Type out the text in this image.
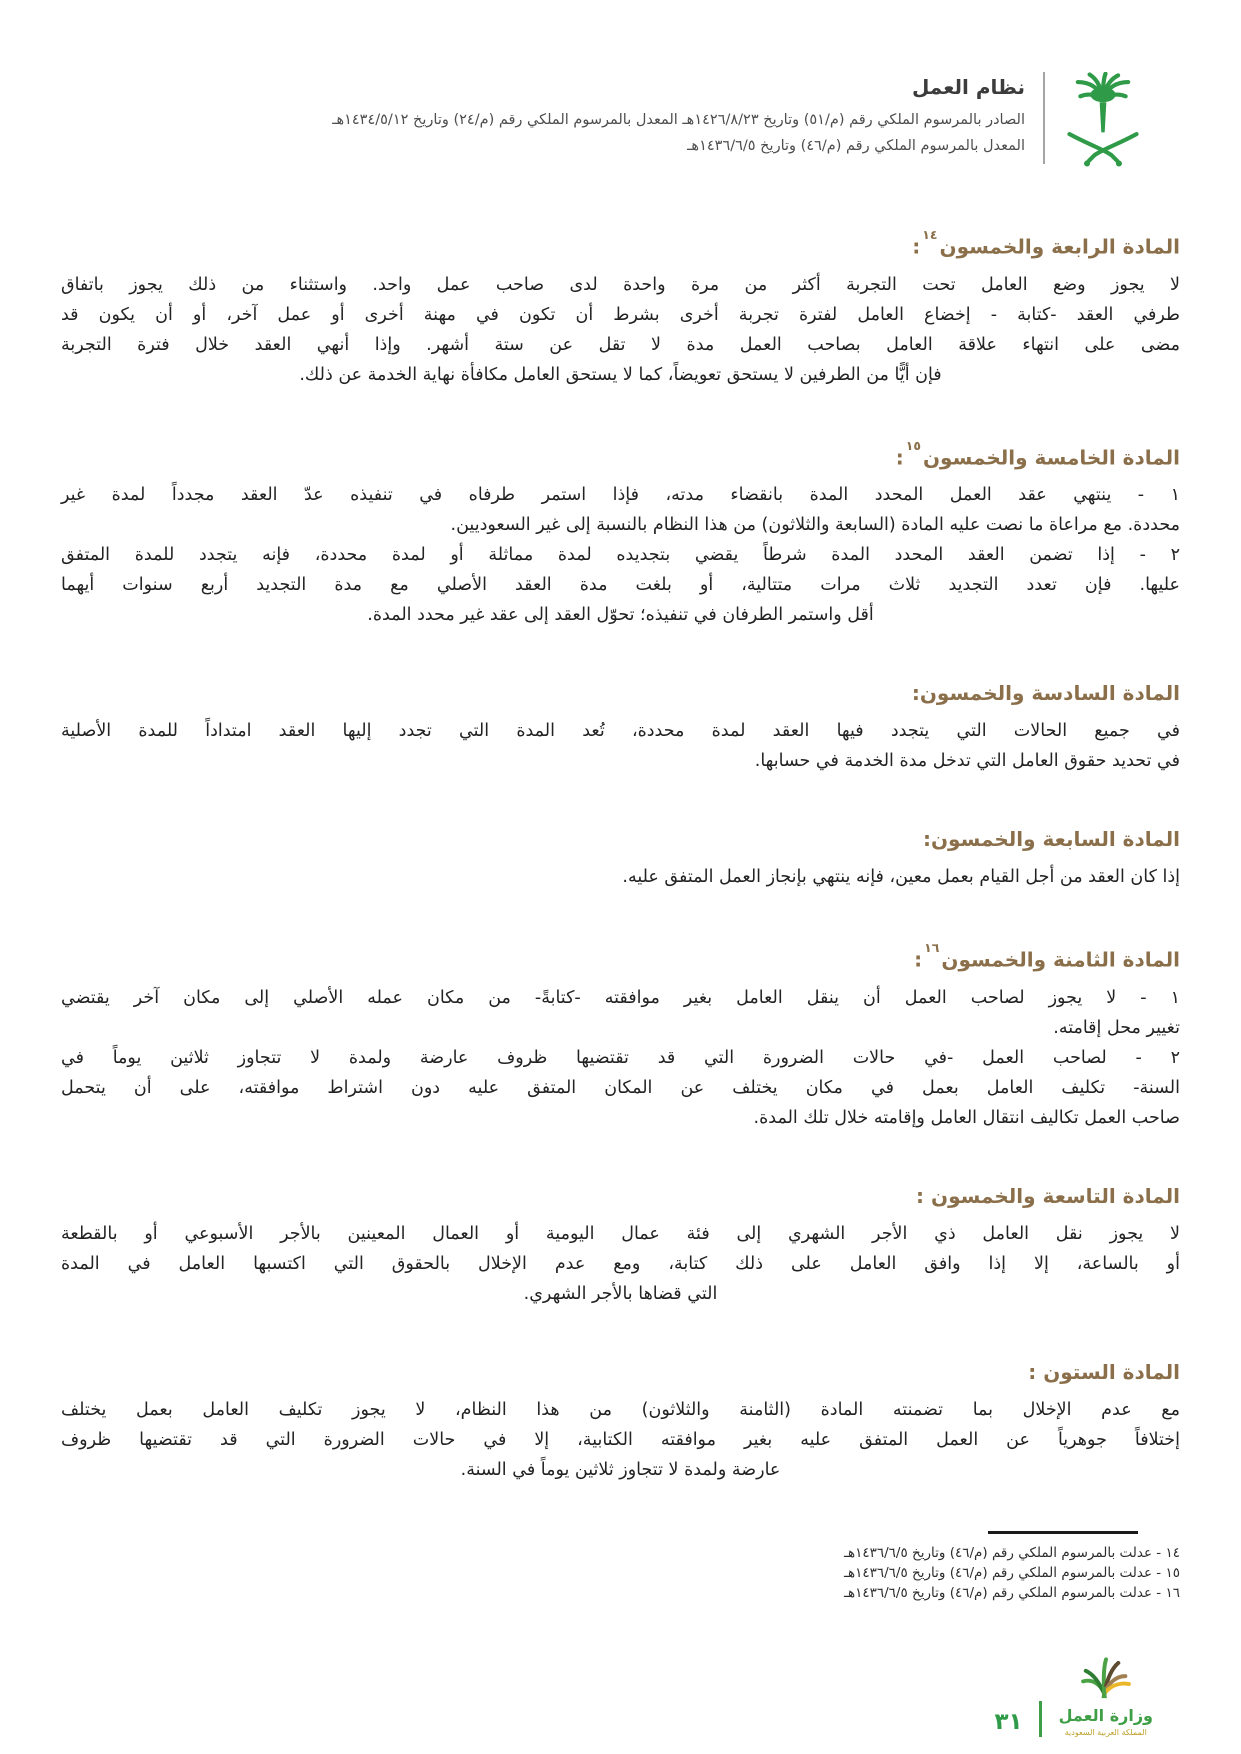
نظام العمل
الصادر بالمرسوم الملكي رقم (م/٥١) وتاريخ ١٤٢٦/٨/٢٣هـ المعدل بالمرسوم الملكي رقم (م/٢٤) وتاريخ ١٤٣٤/٥/١٢هـ
المعدل بالمرسوم الملكي رقم (م/٤٦) وتاريخ ١٤٣٦/٦/٥هـ
المادة الرابعة والخمسون$^{١٤}$:
لا يجوز وضع العامل تحت التجربة أكثر من مرة واحدة لدى صاحب عمل واحد. واستثناء من ذلك يجوز باتفاق
طرفي العقد -كتابة - إخضاع العامل لفترة تجربة أخرى بشرط أن تكون في مهنة أخرى أو عمل آخر، أو أن يكون قد
مضى على انتهاء علاقة العامل بصاحب العمل مدة لا تقل عن ستة أشهر. وإذا أنهي العقد خلال فترة التجربة
فإن أيًّا من الطرفين لا يستحق تعويضاً، كما لا يستحق العامل مكافأة نهاية الخدمة عن ذلك.
المادة الخامسة والخمسون$^{١٥}$:
١ - ينتهي عقد العمل المحدد المدة بانقضاء مدته، فإذا استمر طرفاه في تنفيذه عدّ العقد مجدداً لمدة غير
محددة. مع مراعاة ما نصت عليه المادة (السابعة والثلاثون) من هذا النظام بالنسبة إلى غير السعوديين.
٢ - إذا تضمن العقد المحدد المدة شرطاً يقضي بتجديده لمدة مماثلة أو لمدة محددة، فإنه يتجدد للمدة المتفق
عليها. فإن تعدد التجديد ثلاث مرات متتالية، أو بلغت مدة العقد الأصلي مع مدة التجديد أربع سنوات أيهما
أقل واستمر الطرفان في تنفيذه؛ تحوّل العقد إلى عقد غير محدد المدة.
المادة السادسة والخمسون:
في جميع الحالات التي يتجدد فيها العقد لمدة محددة، تُعد المدة التي تجدد إليها العقد امتداداً للمدة الأصلية
في تحديد حقوق العامل التي تدخل مدة الخدمة في حسابها.
المادة السابعة والخمسون:
إذا كان العقد من أجل القيام بعمل معين، فإنه ينتهي بإنجاز العمل المتفق عليه.
المادة الثامنة والخمسون$^{١٦}$:
١ - لا يجوز لصاحب العمل أن ينقل العامل بغير موافقته -كتابةً- من مكان عمله الأصلي إلى مكان آخر يقتضي
تغيير محل إقامته.
٢ - لصاحب العمل -في حالات الضرورة التي قد تقتضيها ظروف عارضة ولمدة لا تتجاوز ثلاثين يوماً في
السنة- تكليف العامل بعمل في مكان يختلف عن المكان المتفق عليه دون اشتراط موافقته، على أن يتحمل
صاحب العمل تكاليف انتقال العامل وإقامته خلال تلك المدة.
المادة التاسعة والخمسون :
لا يجوز نقل العامل ذي الأجر الشهري إلى فئة عمال اليومية أو العمال المعينين بالأجر الأسبوعي أو بالقطعة
أو بالساعة، إلا إذا وافق العامل على ذلك كتابة، ومع عدم الإخلال بالحقوق التي اكتسبها العامل في المدة
التي قضاها بالأجر الشهري.
المادة الستون :
مع عدم الإخلال بما تضمنته المادة (الثامنة والثلاثون) من هذا النظام، لا يجوز تكليف العامل بعمل يختلف
إختلافاً جوهرياً عن العمل المتفق عليه بغير موافقته الكتابية، إلا في حالات الضرورة التي قد تقتضيها ظروف
عارضة ولمدة لا تتجاوز ثلاثين يوماً في السنة.
١٤ - عدلت بالمرسوم الملكي رقم (م/٤٦) وتاريخ ١٤٣٦/٦/٥هـ
١٥ - عدلت بالمرسوم الملكي رقم (م/٤٦) وتاريخ ١٤٣٦/٦/٥هـ
١٦ - عدلت بالمرسوم الملكي رقم (م/٤٦) وتاريخ ١٤٣٦/٦/٥هـ
وزارة العمل
المملكة العربية السعودية
٣١
